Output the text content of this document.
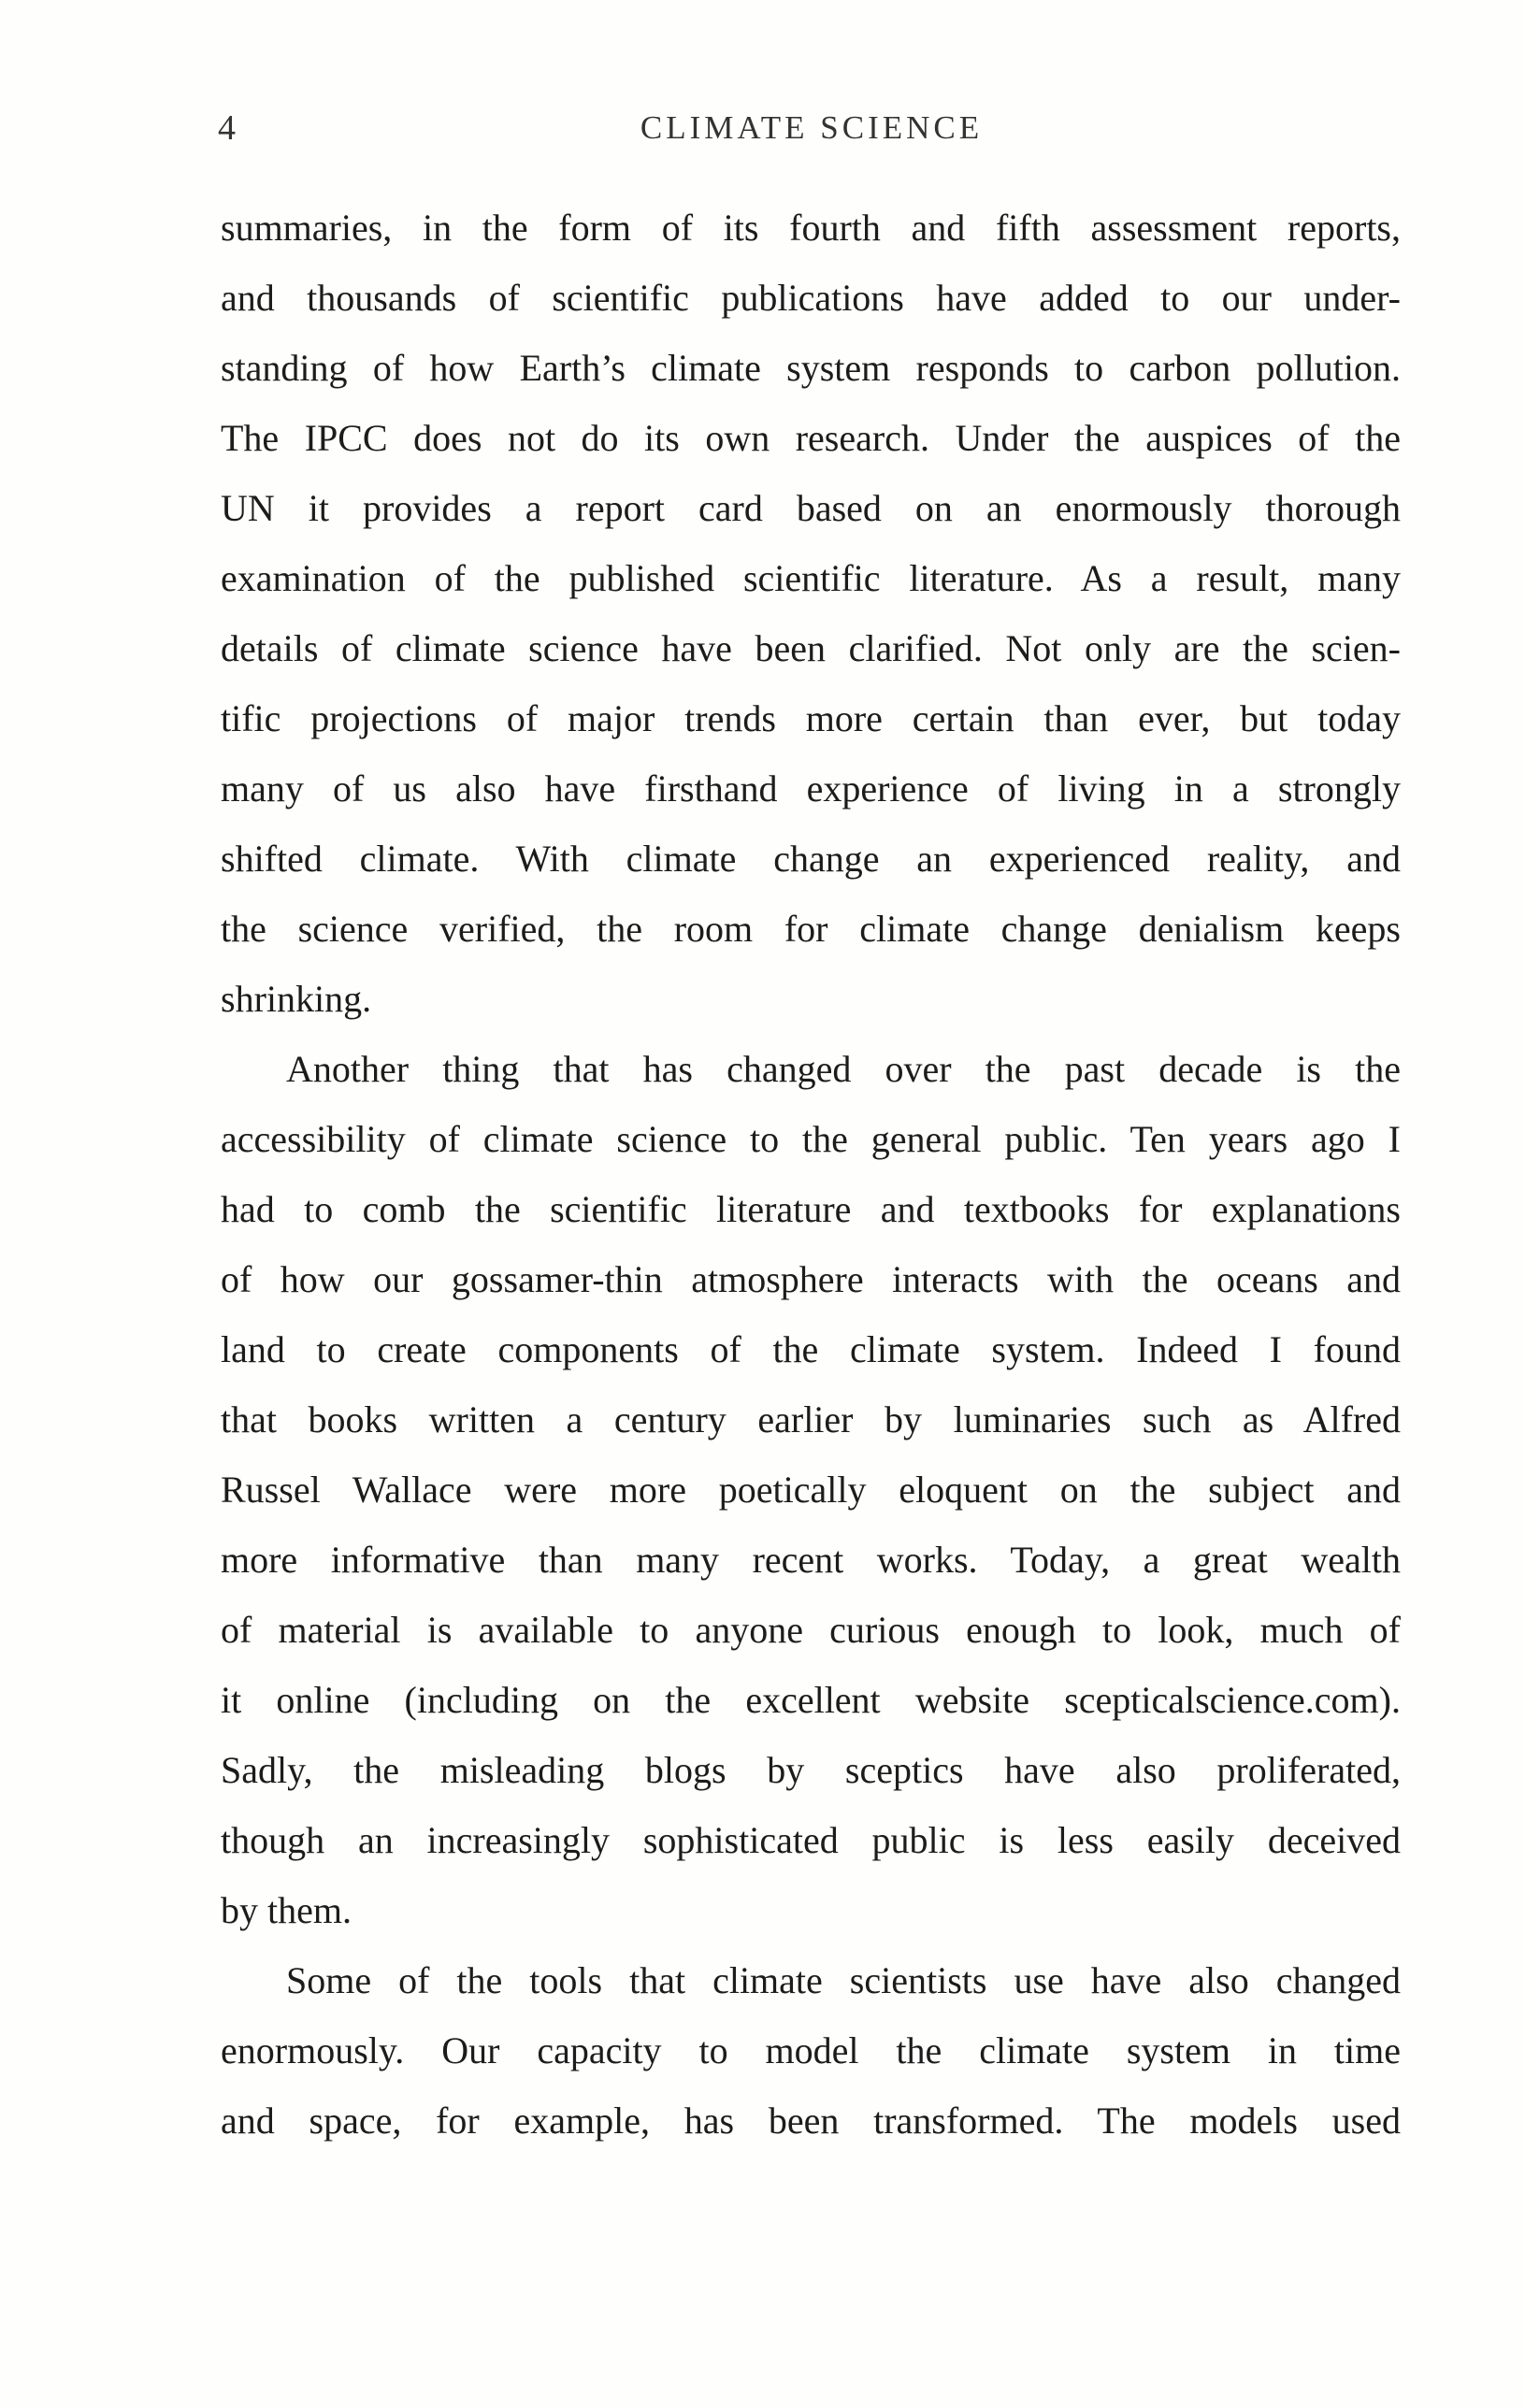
4	CLIMATE SCIENCE
summaries, in the form of its fourth and fifth assessment reports,
and thousands of scientific publications have added to our under-
standing of how Earth’s climate system responds to carbon pollution.
The IPCC does not do its own research. Under the auspices of the
UN it provides a report card based on an enormously thorough
examination of the published scientific literature. As a result, many
details of climate science have been clarified. Not only are the scien-
tific projections of major trends more certain than ever, but today
many of us also have firsthand experience of living in a strongly
shifted climate. With climate change an experienced reality, and
the science verified, the room for climate change denialism keeps
shrinking.
Another thing that has changed over the past decade is the
accessibility of climate science to the general public. Ten years ago I
had to comb the scientific literature and textbooks for explanations
of how our gossamer-thin atmosphere interacts with the oceans and
land to create components of the climate system. Indeed I found
that books written a century earlier by luminaries such as Alfred
Russel Wallace were more poetically eloquent on the subject and
more informative than many recent works. Today, a great wealth
of material is available to anyone curious enough to look, much of
it online (including on the excellent website scepticalscience.com).
Sadly, the misleading blogs by sceptics have also proliferated,
though an increasingly sophisticated public is less easily deceived
by them.
Some of the tools that climate scientists use have also changed
enormously. Our capacity to model the climate system in time
and space, for example, has been transformed. The models used
